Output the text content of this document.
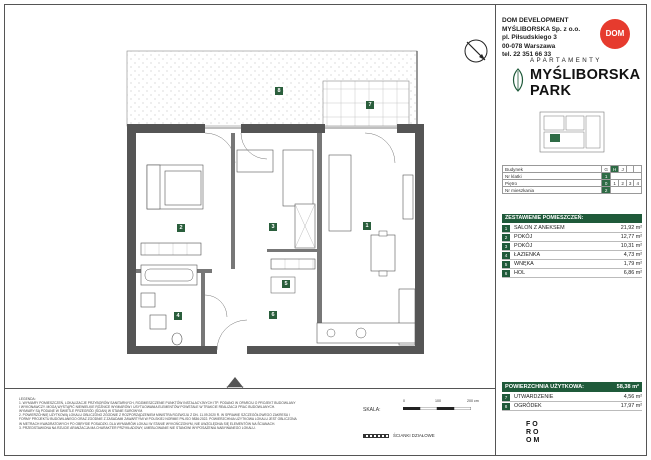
8
7
2	3	1
5
4	6
LEGENDA:
1. WYMIARY POMIESZCZEŃ, LOKALIZACJE PRZYBORÓW SANITARNYCH, ROZMIESZCZENIE PUNKTÓW INSTALACYJNYCH ITP. PODANO W OPARCIU O PROJEKT BUDOWLANY
I WYKONAWCZY. MOGĄ WYSTĄPIĆ NIEWIELKIE RÓŻNICE WYMIARÓW I USYTUOWANIA ELEMENTÓW POWSTAŁE W TRAKCIE REALIZACJI PRAC BUDOWLANYCH.
WYMIARY SĄ PODANE W ŚWIETLE PRZEGRÓD (ŚCIAN) W STANIE SUROWYM.
2. POWIERZCHNIĘ UŻYTKOWĄ LOKALU OBLICZONO ZGODNIE Z ROZPORZĄDZENIEM MINISTRA ROZWOJU Z DN. 11.09.2020 R. W SPRAWIE SZCZEGÓŁOWEGO ZAKRESU I
FORMY PROJEKTU BUDOWLANEGO ORAZ ZGODNIE Z ZASADAMI ZAWARTYMI W POLSKIEJ NORMIE PN-ISO 9836:2022. POWIERZCHNIA UŻYTKOWA LOKALU JEST OBLICZONA
W METRACH KWADRATOWYCH PO OBRYSIE POSADZKI. DLA WYMIARÓW LOKALI W STANIE WYKOŃCZONYM, NIE UWZGLĘDNIA SIĘ ELEMENTÓW NA ŚCIANACH.
3. PRZEDSTAWIONA NA RZUCIE ARANŻACJA MA CHARAKTER PRZYKŁADOWY, UMEBLOWANIE NIE STANOWI WYPOSAŻENIA NABYWANEGO LOKALU.
SKALA:
0	100	200 cm
ŚCIANKI DZIAŁOWE
DOM DEVELOPMENT
MYŚLIBORSKA Sp. z o.o.
pl. Piłsudskiego 3
00-078 Warszawa
tel. 22 351 66 33
DOM
APARTAMENTY
MYŚLIBORSKA
PARK
Budynek	G	H	J		
Nr klatki	1				
Piętro	0	1	2	3	4
Nr mieszkania	2				
ZESTAWIENIE POMIESZCZEŃ:
1	SALON Z ANEKSEM	21,92 m²
2	POKÓJ	12,77 m²
3	POKÓJ	10,31 m²
4	ŁAZIENKA	4,73 m²
5	WNĘKA	1,79 m²
6	HOL	6,86 m²
POWIERZCHNIA UŻYTKOWA:	58,38 m²
7	UTWARDZENIE	4,56 m²
8	OGRÓDEK	17,97 m²
FO
RO
OM
